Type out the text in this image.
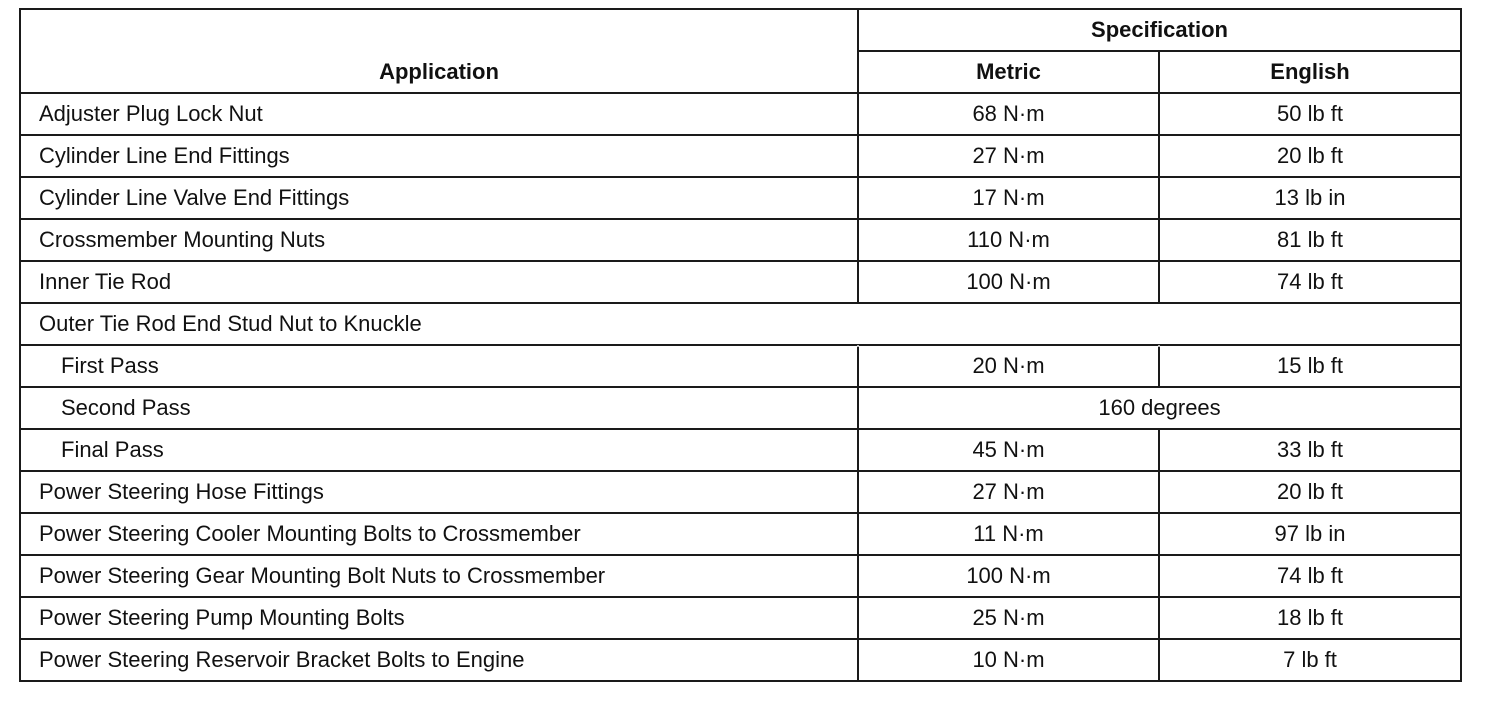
Application	Specification	
	Metric	English
Adjuster Plug Lock Nut	68 N·m	50 lb ft
Cylinder Line End Fittings	27 N·m	20 lb ft
Cylinder Line Valve End Fittings	17 N·m	13 lb in
Crossmember Mounting Nuts	110 N·m	81 lb ft
Inner Tie Rod	100 N·m	74 lb ft
Outer Tie Rod End Stud Nut to Knuckle		
First Pass	20 N·m	15 lb ft
Second Pass	160 degrees	
Final Pass	45 N·m	33 lb ft
Power Steering Hose Fittings	27 N·m	20 lb ft
Power Steering Cooler Mounting Bolts to Crossmember	11 N·m	97 lb in
Power Steering Gear Mounting Bolt Nuts to Crossmember	100 N·m	74 lb ft
Power Steering Pump Mounting Bolts	25 N·m	18 lb ft
Power Steering Reservoir Bracket Bolts to Engine	10 N·m	7 lb ft
